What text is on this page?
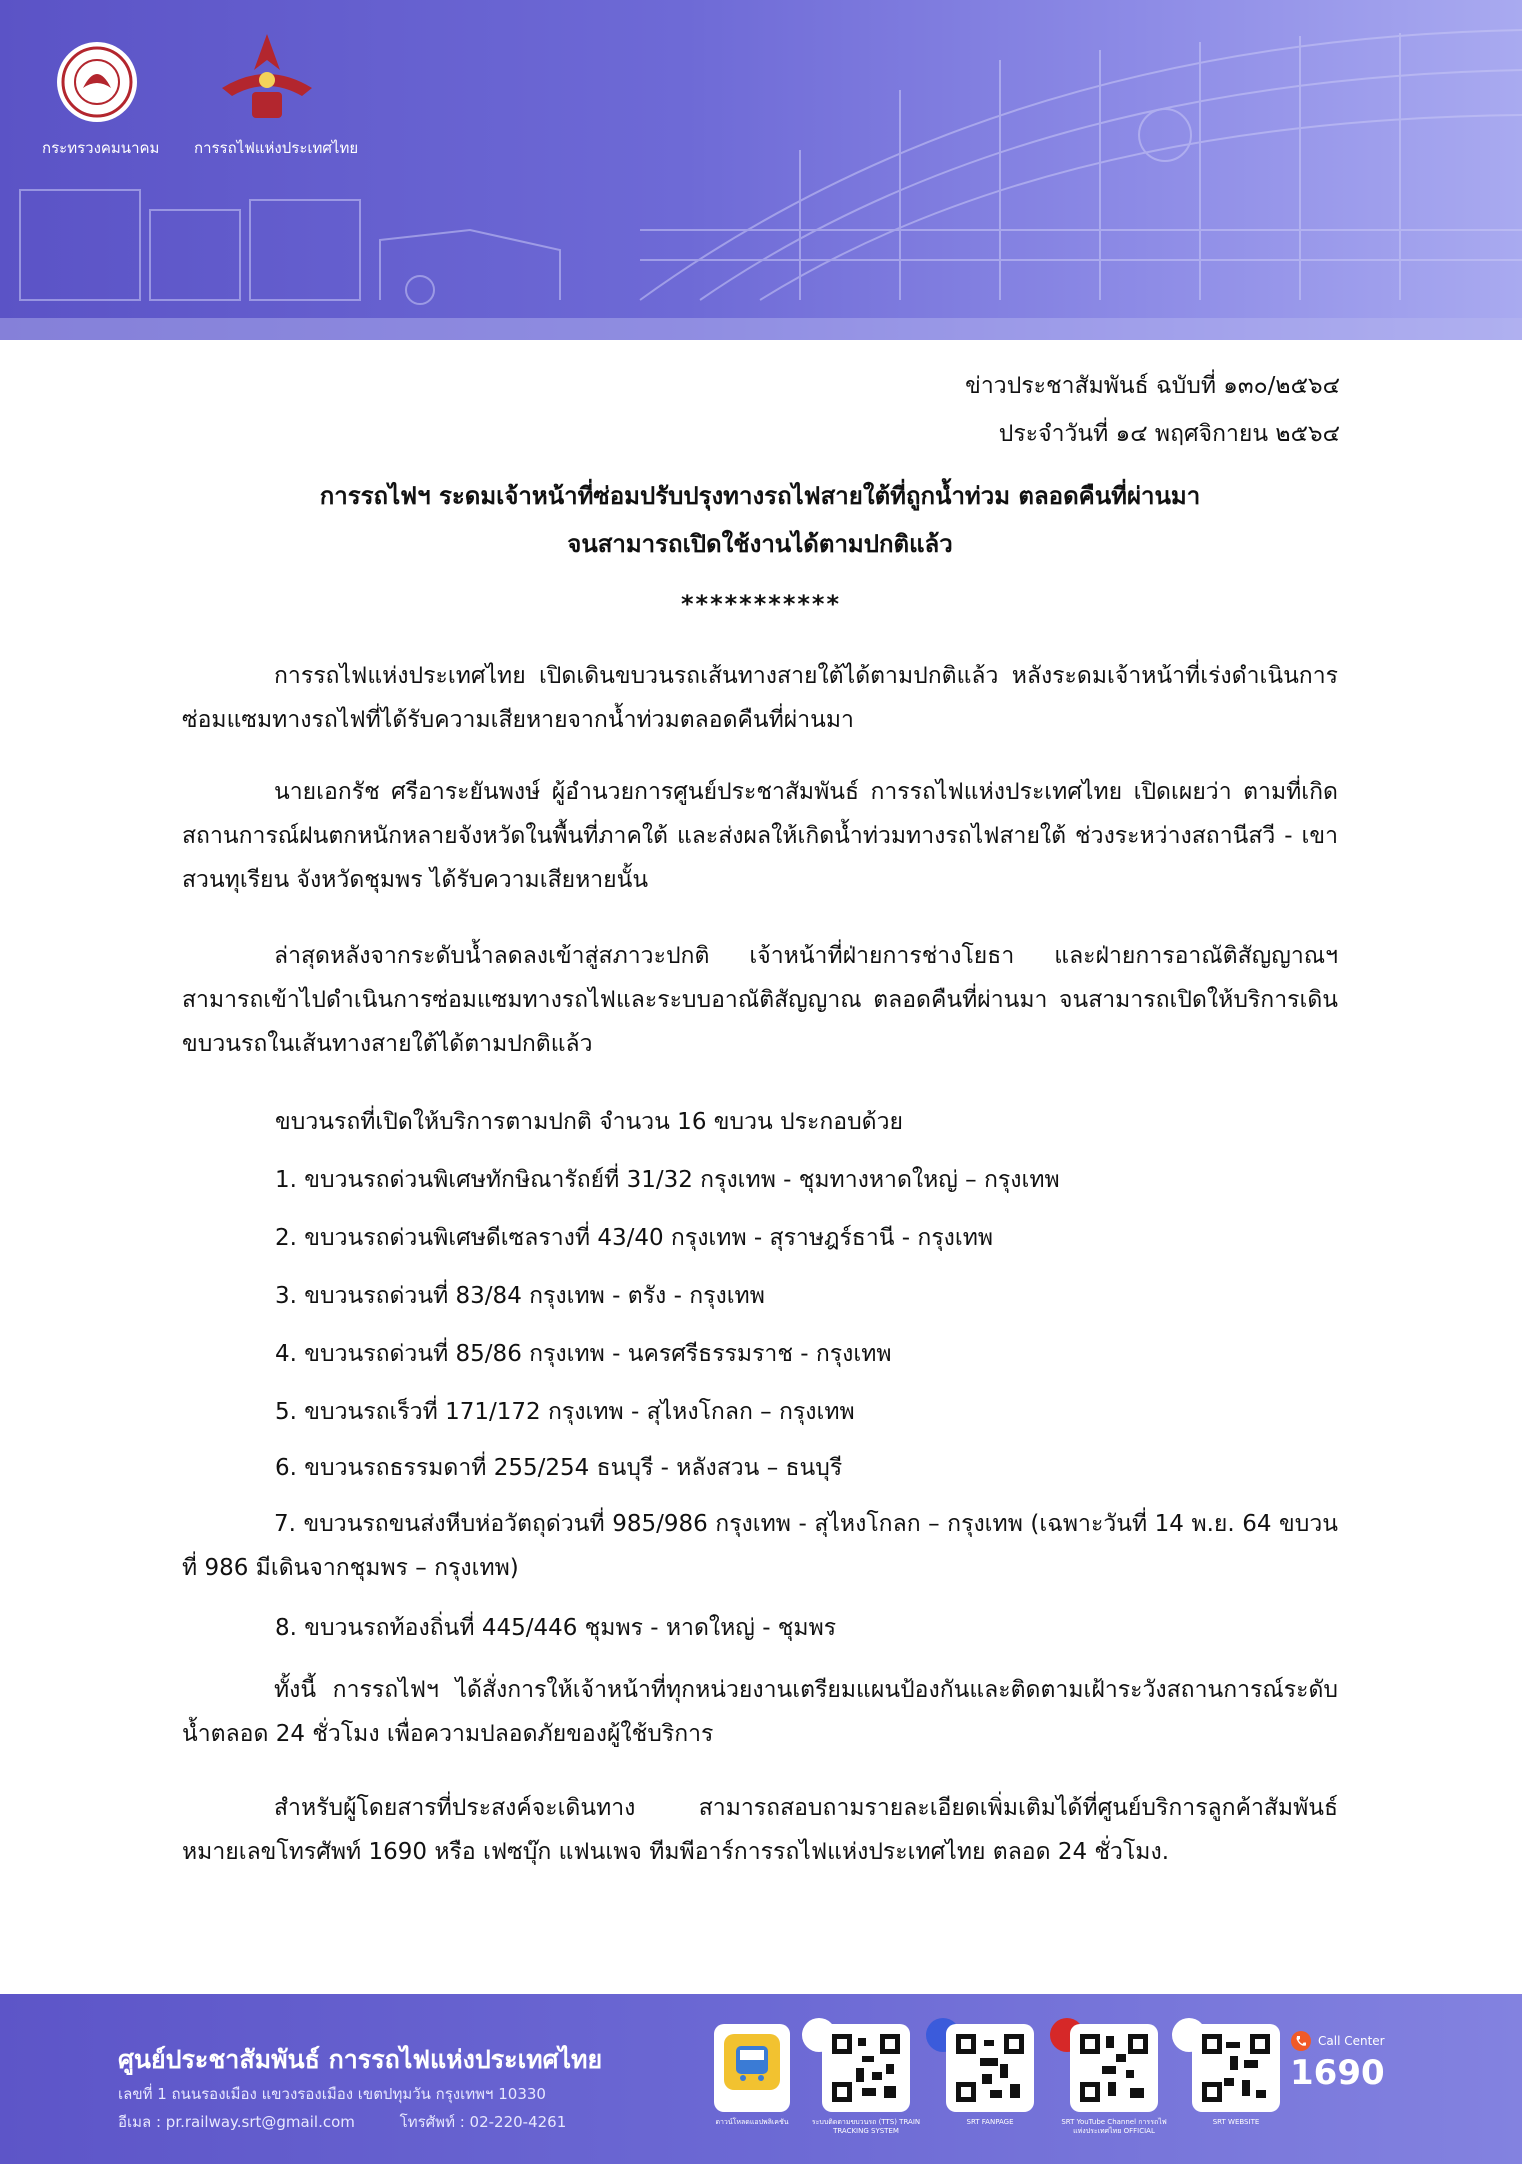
กระทรวงคมนาคม การรถไฟแห่งประเทศไทย
ข่าวประชาสัมพันธ์ ฉบับที่ ๑๓๐/๒๕๖๔
ประจำวันที่ ๑๔ พฤศจิกายน ๒๕๖๔
การรถไฟฯ ระดมเจ้าหน้าที่ซ่อมปรับปรุงทางรถไฟสายใต้ที่ถูกน้ำท่วม ตลอดคืนที่ผ่านมา
จนสามารถเปิดใช้งานได้ตามปกติแล้ว
***********
การรถไฟแห่งประเทศไทย เปิดเดินขบวนรถเส้นทางสายใต้ได้ตามปกติแล้ว หลังระดมเจ้าหน้าที่เร่งดำเนินการซ่อมแซมทางรถไฟที่ได้รับความเสียหายจากน้ำท่วมตลอดคืนที่ผ่านมา
นายเอกรัช ศรีอาระยันพงษ์ ผู้อำนวยการศูนย์ประชาสัมพันธ์ การรถไฟแห่งประเทศไทย เปิดเผยว่า ตามที่เกิดสถานการณ์ฝนตกหนักหลายจังหวัดในพื้นที่ภาคใต้ และส่งผลให้เกิดน้ำท่วมทางรถไฟสายใต้ ช่วงระหว่างสถานีสวี - เขาสวนทุเรียน จังหวัดชุมพร ได้รับความเสียหายนั้น
ล่าสุดหลังจากระดับน้ำลดลงเข้าสู่สภาวะปกติ เจ้าหน้าที่ฝ่ายการช่างโยธา และฝ่ายการอาณัติสัญญาณฯ สามารถเข้าไปดำเนินการซ่อมแซมทางรถไฟและระบบอาณัติสัญญาณ ตลอดคืนที่ผ่านมา จนสามารถเปิดให้บริการเดินขบวนรถในเส้นทางสายใต้ได้ตามปกติแล้ว
ขบวนรถที่เปิดให้บริการตามปกติ จำนวน 16 ขบวน ประกอบด้วย
1. ขบวนรถด่วนพิเศษทักษิณารัถย์ที่ 31/32 กรุงเทพ - ชุมทางหาดใหญ่ – กรุงเทพ
2. ขบวนรถด่วนพิเศษดีเซลรางที่ 43/40 กรุงเทพ - สุราษฎร์ธานี - กรุงเทพ
3. ขบวนรถด่วนที่ 83/84 กรุงเทพ - ตรัง - กรุงเทพ
4. ขบวนรถด่วนที่ 85/86 กรุงเทพ - นครศรีธรรมราช - กรุงเทพ
5. ขบวนรถเร็วที่ 171/172 กรุงเทพ - สุไหงโกลก – กรุงเทพ
6. ขบวนรถธรรมดาที่ 255/254 ธนบุรี - หลังสวน – ธนบุรี
7. ขบวนรถขนส่งหีบห่อวัตถุด่วนที่ 985/986 กรุงเทพ - สุไหงโกลก – กรุงเทพ (เฉพาะวันที่ 14 พ.ย. 64 ขบวนที่ 986 มีเดินจากชุมพร – กรุงเทพ)
8. ขบวนรถท้องถิ่นที่ 445/446 ชุมพร - หาดใหญ่ - ชุมพร
ทั้งนี้ การรถไฟฯ ได้สั่งการให้เจ้าหน้าที่ทุกหน่วยงานเตรียมแผนป้องกันและติดตามเฝ้าระวังสถานการณ์ระดับน้ำตลอด 24 ชั่วโมง เพื่อความปลอดภัยของผู้ใช้บริการ
สำหรับผู้โดยสารที่ประสงค์จะเดินทาง สามารถสอบถามรายละเอียดเพิ่มเติมได้ที่ศูนย์บริการลูกค้าสัมพันธ์ หมายเลขโทรศัพท์ 1690 หรือ เฟซบุ๊ก แฟนเพจ ทีมพีอาร์การรถไฟแห่งประเทศไทย ตลอด 24 ชั่วโมง.
ศูนย์ประชาสัมพันธ์ การรถไฟแห่งประเทศไทย
เลขที่ 1 ถนนรองเมือง แขวงรองเมือง เขตปทุมวัน กรุงเทพฯ 10330
อีเมล : pr.railway.srt@gmail.com	โทรศัพท์ : 02-220-4261	ดาวน์โหลดแอปพลิเคชัน	ระบบติดตามขบวนรถ (TTS) TRAIN TRACKING SYSTEM
SRT FANPAGE	SRT YouTube Channel การรถไฟแห่งประเทศไทย OFFICIAL
SRT WEBSITE
Call Center
1690
